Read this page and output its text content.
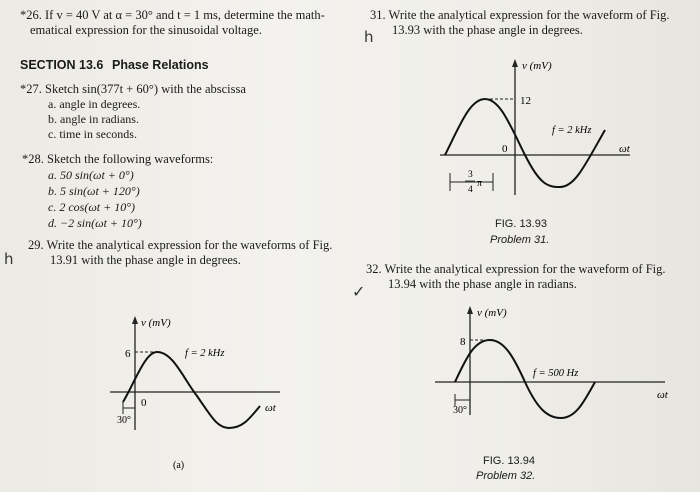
*26. If v = 40 V at α = 30° and t = 1 ms, determine the math-
ematical expression for the sinusoidal voltage.
SECTION 13.6 Phase Relations
*27. Sketch sin(377t + 60°) with the abscissa
a. angle in degrees.
b. angle in radians.
c. time in seconds.
*28. Sketch the following waveforms:
a. 50 sin(ωt + 0°)
b. 5 sin(ωt + 120°)
c. 2 cos(ωt + 10°)
d. −2 sin(ωt + 10°)
29. Write the analytical expression for the waveforms of Fig.
13.91 with the phase angle in degrees.
h
31. Write the analytical expression for the waveform of Fig.
13.93 with the phase angle in degrees.
h
32. Write the analytical expression for the waveform of Fig.
13.94 with the phase angle in radians.
✓
v (mV)
12
f = 2 kHz
0	ωt
3
4
π
FIG. 13.93
Problem 31.
v (mV)
6	f = 2 kHz
0
30°
ωt
(a)
v (mV)
8
f = 500 Hz
30°
ωt
FIG. 13.94
Problem 32.
